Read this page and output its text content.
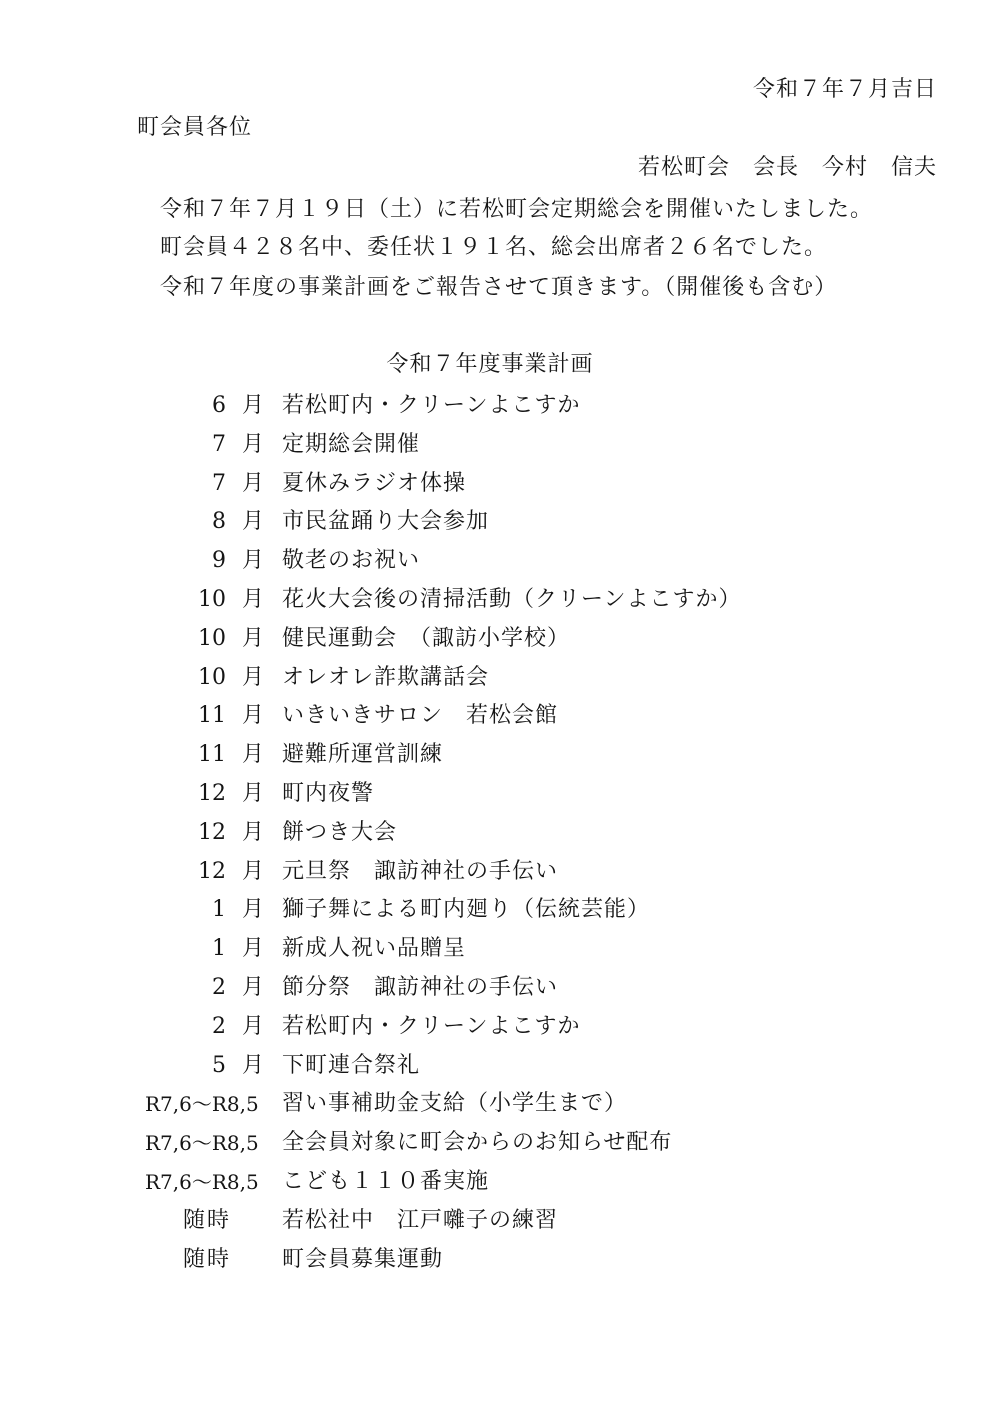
令和７年７月吉日
町会員各位
若松町会　会長　今村　信夫
令和７年７月１９日（土）に若松町会定期総会を開催いたしました。
町会員４２８名中、委任状１９１名、総会出席者２６名でした。
令和７年度の事業計画をご報告させて頂きます。（開催後も含む）
令和７年度事業計画
6 月 若松町内・クリーンよこすか
7 月 定期総会開催
7 月 夏休みラジオ体操
8 月 市民盆踊り大会参加
9 月 敬老のお祝い
10 月 花火大会後の清掃活動（クリーンよこすか）
10 月 健民運動会　（諏訪小学校）
10 月 オレオレ詐欺講話会
11 月 いきいきサロン　若松会館
11 月 避難所運営訓練
12 月 町内夜警
12 月 餅つき大会
12 月 元旦祭　諏訪神社の手伝い
1 月 獅子舞による町内廻り（伝統芸能）
1 月 新成人祝い品贈呈
2 月 節分祭　諏訪神社の手伝い
2 月 若松町内・クリーンよこすか
5 月 下町連合祭礼
R7,6～R8,5 習い事補助金支給（小学生まで）
R7,6～R8,5 全会員対象に町会からのお知らせ配布
R7,6～R8,5 こども１１０番実施
随時 若松社中　江戸囃子の練習
随時 町会員募集運動
